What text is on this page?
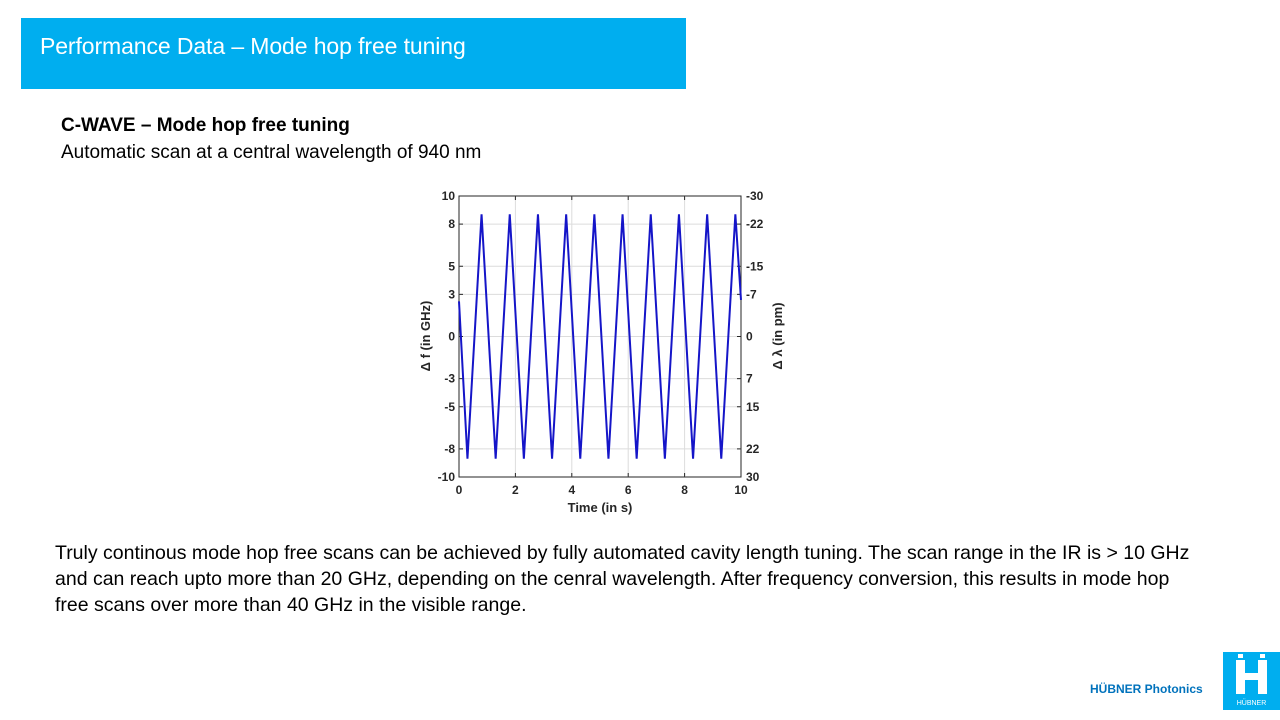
Performance Data – Mode hop free tuning
C-WAVE – Mode hop free tuning
Automatic scan at a central wavelength of 940 nm
0	2	4	6	8	10
10	-30
8	-22
5	-15
3	-7
0	0
-3	7
-5	15
-8	22
-10	30
Time (in s)
Δ f (in GHz)	Δ λ (in pm)
Truly continous mode hop free scans can be achieved by fully automated cavity length tuning. The scan range in the IR is > 10 GHz and can reach upto more than 20 GHz, depending on the cenral wavelength. After frequency conversion, this results in mode hop free scans over more than 40 GHz in the visible range.
HÜBNER Photonics
HÜBNER
